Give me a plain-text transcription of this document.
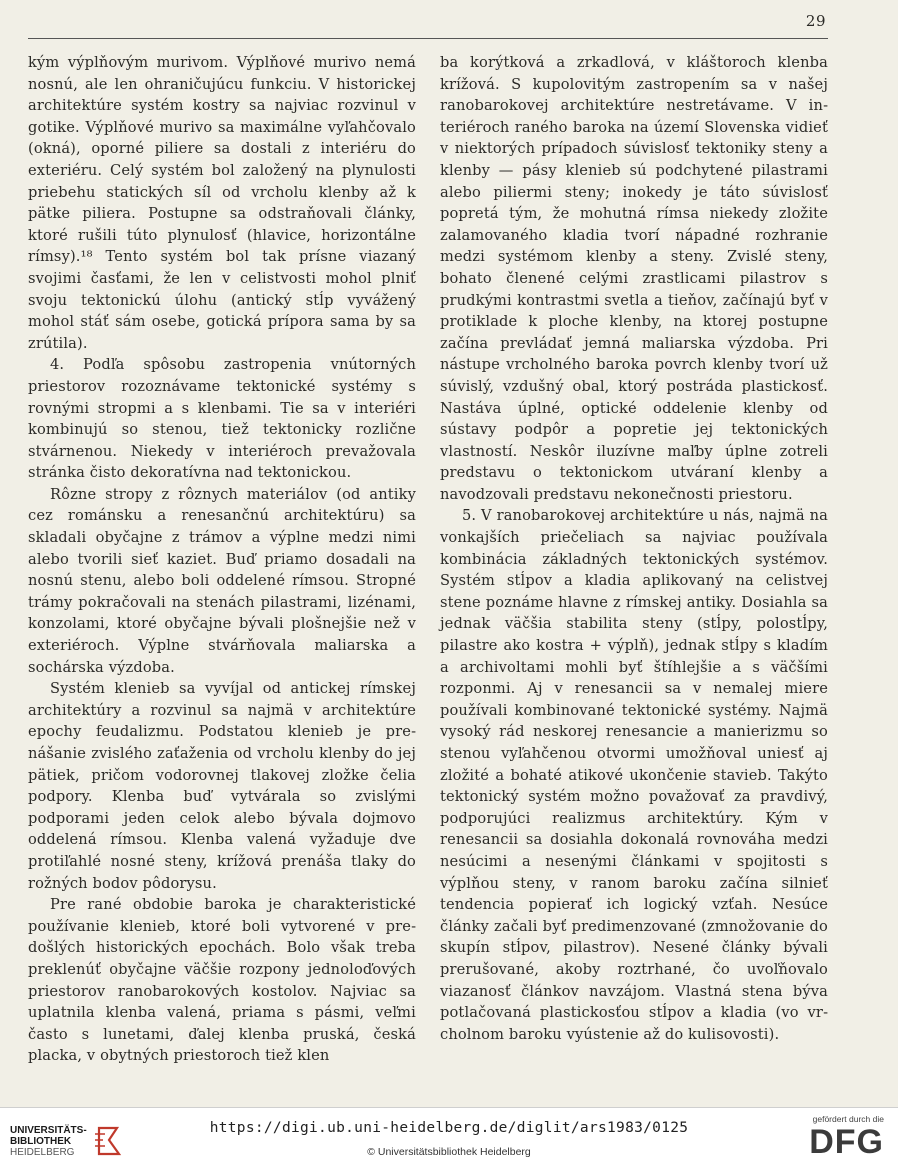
29

kým výplňovým murivom. Výplňové murivo nemá nosnú, ale len ohraničujúcu funkciu. V historickej architektúre systém kostry sa najviac rozvinul v gotike. Výplňové murivo sa maximálne vyľahčovalo (okná), oporné piliere sa dostali z interiéru do exteriéru. Celý systém bol založený na plynulosti priebehu statických síl od vrcholu klenby až k pätke piliera. Postupne sa odstraňovali články, ktoré rušili túto plynulosť (hlavice, horizontálne rímsy).¹⁸ Tento systém bol tak prísne viazaný svojimi časťami, že len v celistvosti mohol plniť svoju tektonickú úlohu (antický stĺp vyvážený mohol stáť sám osebe, gotická prípora sama by sa zrútila).

4. Podľa spôsobu zastropenia vnútorných priestorov rozoznávame tektonické systémy s rovnými stropmi a s klenbami. Tie sa v interiéri kombinujú so stenou, tiež tektonicky rozlične stvárnenou. Niekedy v interiéroch prevažovala stránka čisto dekoratívna nad tektonickou.

Rôzne stropy z rôznych materiálov (od antiky cez románsku a renesančnú architektúru) sa skladali obyčajne z trámov a výplne medzi nimi alebo tvorili sieť kaziet. Buď priamo dosadali na nosnú stenu, alebo boli oddelené rímsou. Stropné trámy pokračovali na stenách pilastrami, lizénami, konzolami, ktoré obyčajne bývali plošnejšie než v exteriéroch. Výplne stvárňovala maliarska a sochárska výzdoba.

Systém klenieb sa vyvíjal od antickej rímskej architektúry a rozvinul sa najmä v architektúre epochy feudalizmu. Podstatou klenieb je prenášanie zvislého zaťaženia od vrcholu klenby do jej pätiek, pričom vodorovnej tlakovej zložke čelia podpory. Klenba buď vytvárala so zvislými podporami jeden celok alebo bývala dojmovo oddelená rímsou. Klenba valená vyžaduje dve protiľahlé nosné steny, krížová prenáša tlaky do rožných bodov pôdorysu.

Pre rané obdobie baroka je charakteristické používanie klenieb, ktoré boli vytvorené v predošlých historických epochách. Bolo však treba preklenúť obyčajne väčšie rozpony jednoloďových priestorov ranobarokových kostolov. Najviac sa uplatnila klenba valená, priama s pásmi, veľmi často s lunetami, ďalej klenba pruská, česká placka, v obytných priestoroch tiež klen

ba korýtková a zrkadlová, v kláštoroch klenba krížová. S kupolovitým zastropením sa v našej ranobarokovej architektúre nestretávame. V interiéroch raného baroka na území Slovenska vidieť v niektorých prípadoch súvislosť tektoniky steny a klenby — pásy klenieb sú podchytené pilastrami alebo piliermi steny; inokedy je táto súvislosť popretá tým, že mohutná rímsa niekedy zložite zalamovaného kladia tvorí nápadné rozhranie medzi systémom klenby a steny. Zvislé steny, bohato členené celými zrastlicami pilastrov s prudkými kontrastmi svetla a tieňov, začínajú byť v protiklade k ploche klenby, na ktorej postupne začína prevládať jemná maliarska výzdoba. Pri nástupe vrcholného baroka povrch klenby tvorí už súvislý, vzdušný obal, ktorý postráda plastickosť. Nastáva úplné, optické oddelenie klenby od sústavy podpôr a popretie jej tektonických vlastností. Neskôr iluzívne maľby úplne zotreli predstavu o tektonickom utváraní klenby a navodzovali predstavu nekonečnosti priestoru.

5. V ranobarokovej architektúre u nás, najmä na vonkajších priečeliach sa najviac používala kombinácia základných tektonických systémov. Systém stĺpov a kladia aplikovaný na celistvej stene poznáme hlavne z rímskej antiky. Dosiahla sa jednak väčšia stabilita steny (stĺpy, polostĺpy, pilastre ako kostra + výplň), jednak stĺpy s kladím a archivoltami mohli byť štíhlejšie a s väčšími rozponmi. Aj v renesancii sa v nemalej miere používali kombinované tektonické systémy. Najmä vysoký rád neskorej renesancie a manierizmu so stenou vyľahčenou otvormi umožňoval uniesť aj zložité a bohaté atikové ukončenie stavieb. Takýto tektonický systém možno považovať za pravdivý, podporujúci realizmus architektúry. Kým v renesancii sa dosiahla dokonalá rovnováha medzi nesúcimi a nesenými článkami v spojitosti s výplňou steny, v ranom baroku začína silnieť tendencia popierať ich logický vzťah. Nesúce články začali byť predimenzované (zmnožovanie do skupín stĺpov, pilastrov). Nesené články bývali prerušované, akoby roztrhané, čo uvoľňovalo viazanosť článkov navzájom. Vlastná stena býva potlačovaná plastickosťou stĺpov a kladia (vo vrcholnom baroku vyústenie až do kulisovosti).

UNIVERSITÄTS-
BIBLIOTHEK
HEIDELBERG
https://digi.ub.uni-heidelberg.de/diglit/ars1983/0125
© Universitätsbibliothek Heidelberg
gefördert durch die
DFG
